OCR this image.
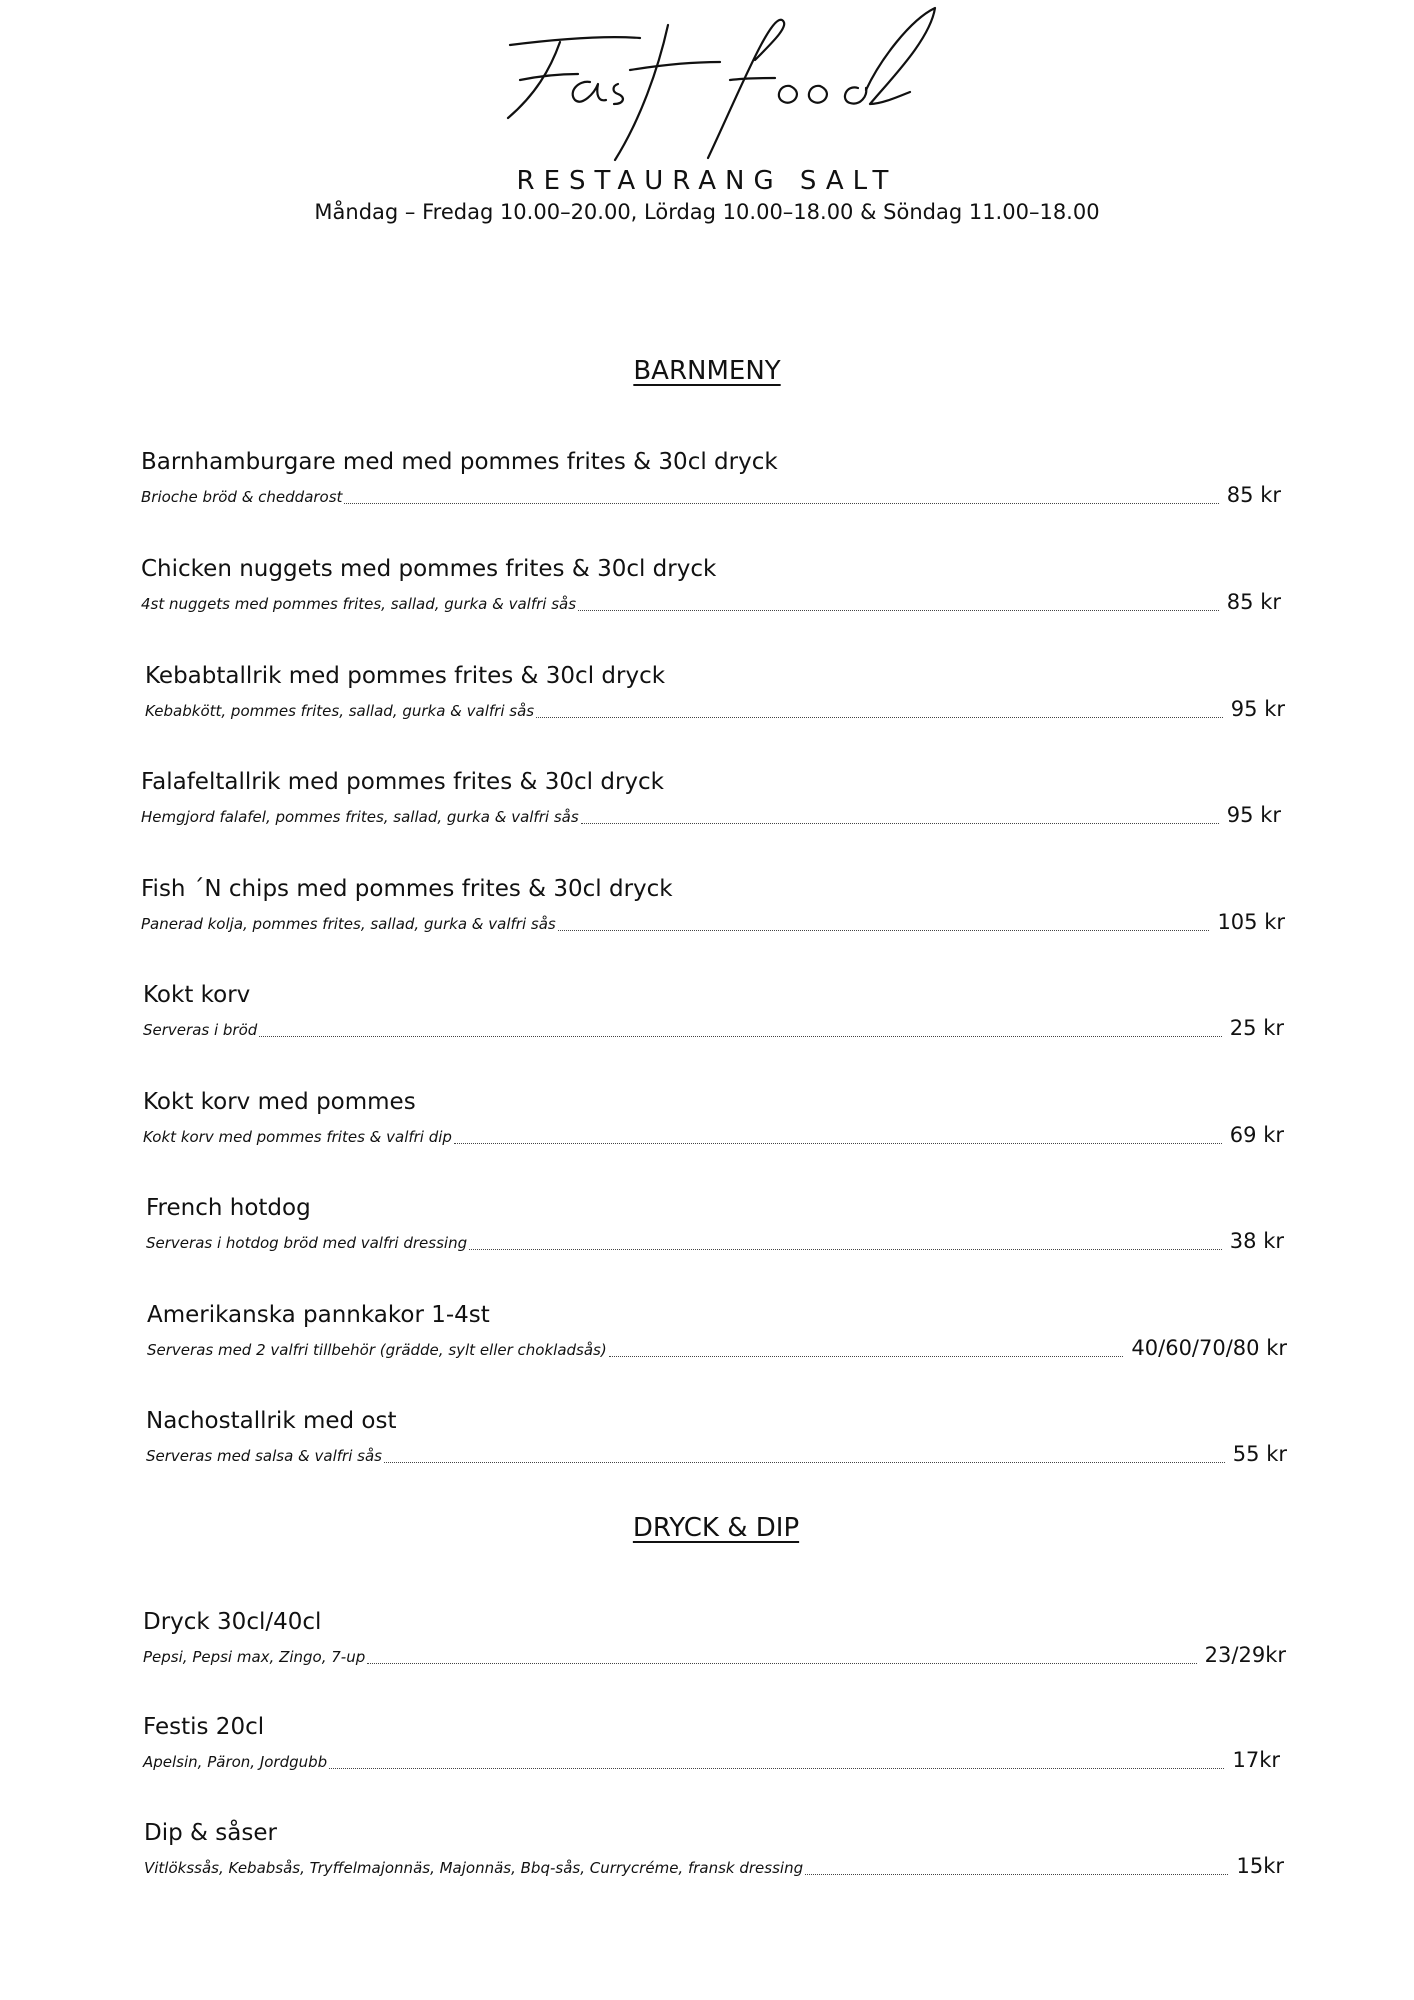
RESTAURANG SALT
Måndag – Fredag 10.00–20.00, Lördag 10.00–18.00 & Söndag 11.00–18.00
BARNMENY
Barnhamburgare med med pommes frites & 30cl dryck
Brioche bröd & cheddarost	85 kr
Chicken nuggets med pommes frites & 30cl dryck
4st nuggets med pommes frites, sallad, gurka & valfri sås	85 kr
Kebabtallrik med pommes frites & 30cl dryck
Kebabkött, pommes frites, sallad, gurka & valfri sås	95 kr
Falafeltallrik med pommes frites & 30cl dryck
Hemgjord falafel, pommes frites, sallad, gurka & valfri sås	95 kr
Fish ´N chips med pommes frites & 30cl dryck
Panerad kolja, pommes frites, sallad, gurka & valfri sås	105 kr
Kokt korv
Serveras i bröd	25 kr
Kokt korv med pommes
Kokt korv med pommes frites & valfri dip	69 kr
French hotdog
Serveras i hotdog bröd med valfri dressing	38 kr
Amerikanska pannkakor 1-4st
Serveras med 2 valfri tillbehör (grädde, sylt eller chokladsås)	40/60/70/80 kr
Nachostallrik med ost
Serveras med salsa & valfri sås	55 kr
DRYCK & DIP
Dryck 30cl/40cl
Pepsi, Pepsi max, Zingo, 7-up	23/29kr
Festis 20cl
Apelsin, Päron, Jordgubb	17kr
Dip & såser
Vitlökssås, Kebabsås, Tryffelmajonnäs, Majonnäs, Bbq-sås, Currycréme, fransk dressing	15kr
